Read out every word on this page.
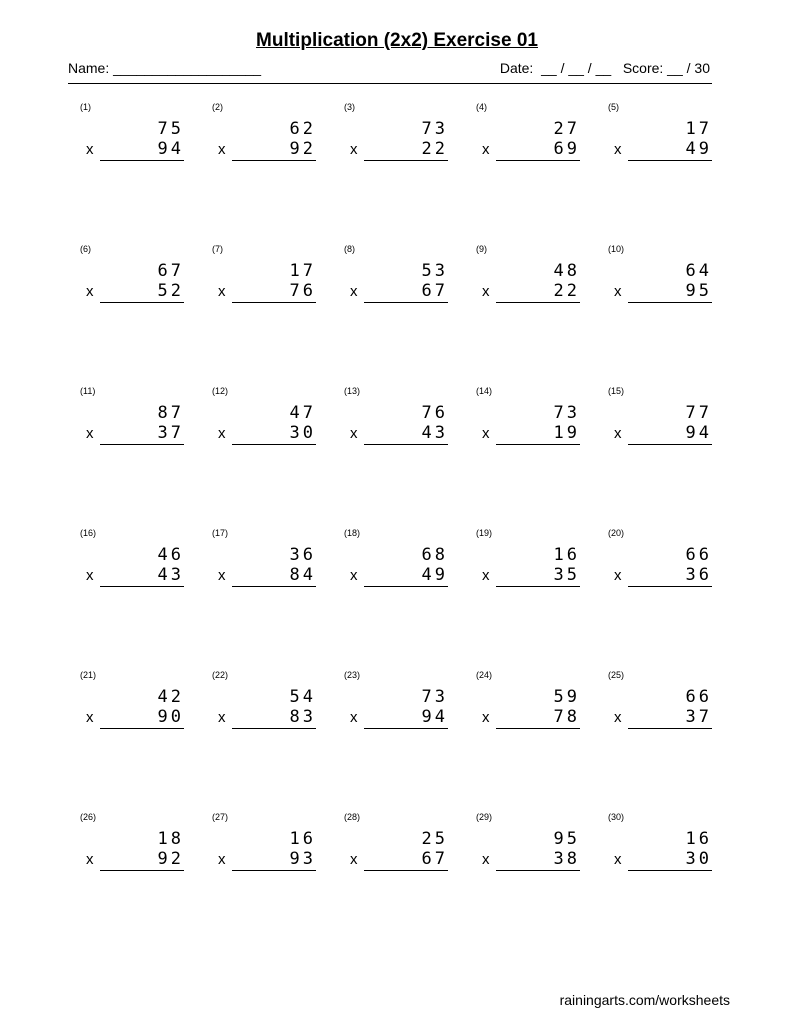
Multiplication (2x2) Exercise 01
Name: ___________________	Date:  __ / __ / __   Score: __ / 30
(1)
75
x	94
(2)
62
x	92
(3)
73
x	22
(4)
27
x	69
(5)
17
x	49
(6)
67
x	52
(7)
17
x	76
(8)
53
x	67
(9)
48
x	22
(10)
64
x	95
(11)
87
x	37
(12)
47
x	30
(13)
76
x	43
(14)
73
x	19
(15)
77
x	94
(16)
46
x	43
(17)
36
x	84
(18)
68
x	49
(19)
16
x	35
(20)
66
x	36
(21)
42
x	90
(22)
54
x	83
(23)
73
x	94
(24)
59
x	78
(25)
66
x	37
(26)
18
x	92
(27)
16
x	93
(28)
25
x	67
(29)
95
x	38
(30)
16
x	30
rainingarts.com/worksheets
